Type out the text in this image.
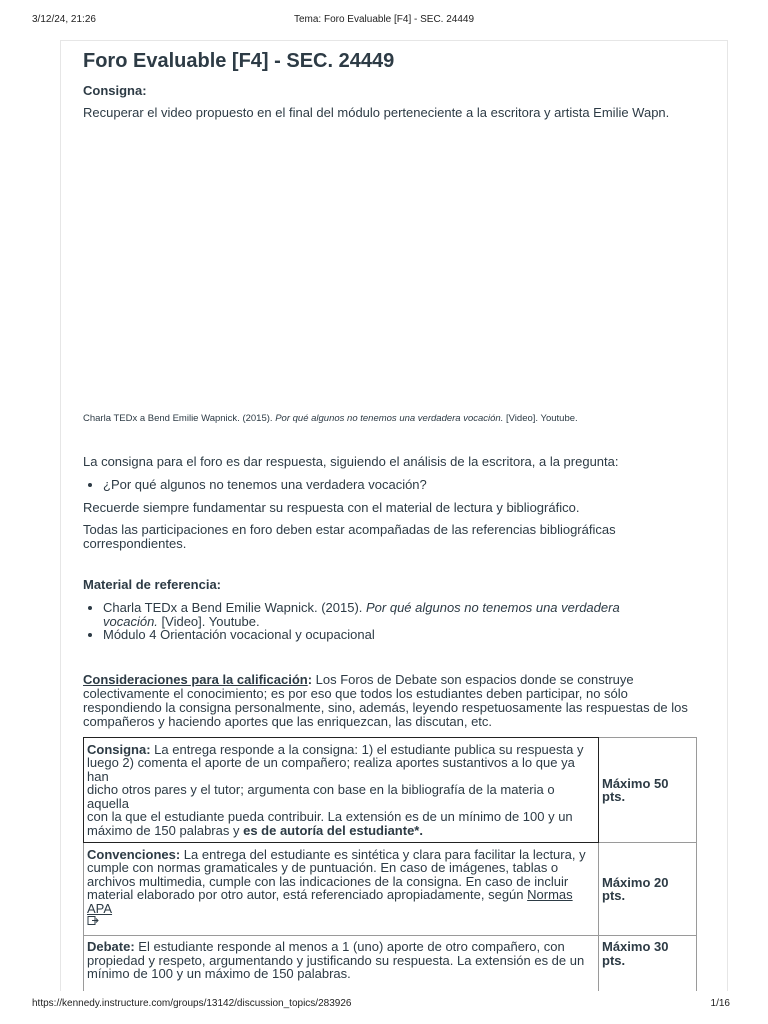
3/12/24, 21:26	Tema: Foro Evaluable [F4] - SEC. 24449
Foro Evaluable [F4] - SEC. 24449
Consigna:
Recuperar el video propuesto en el final del módulo perteneciente a la escritora y artista Emilie Wapn.
Charla TEDx a Bend Emilie Wapnick. (2015). Por qué algunos no tenemos una verdadera vocación. [Video]. Youtube.
La consigna para el foro es dar respuesta, siguiendo el análisis de la escritora, a la pregunta:
• ¿Por qué algunos no tenemos una verdadera vocación?
Recuerde siempre fundamentar su respuesta con el material de lectura y bibliográfico.
Todas las participaciones en foro deben estar acompañadas de las referencias bibliográficas
correspondientes.
Material de referencia:
• Charla TEDx a Bend Emilie Wapnick. (2015). Por qué algunos no tenemos una verdadera
vocación. [Video]. Youtube.
• Módulo 4 Orientación vocacional y ocupacional
Consideraciones para la calificación: Los Foros de Debate son espacios donde se construye
colectivamente el conocimiento; es por eso que todos los estudiantes deben participar, no sólo
respondiendo la consigna personalmente, sino, además, leyendo respetuosamente las respuestas de los
compañeros y haciendo aportes que las enriquezcan, las discutan, etc.
Consigna: La entrega responde a la consigna: 1) el estudiante publica su respuesta y
luego 2) comenta el aporte de un compañero; realiza aportes sustantivos a lo que ya han
dicho otros pares y el tutor; argumenta con base en la bibliografía de la materia o aquella
con la que el estudiante pueda contribuir. La extensión es de un mínimo de 100 y un
máximo de 150 palabras y es de autoría del estudiante*.	Máximo 50 pts.
Convenciones: La entrega del estudiante es sintética y clara para facilitar la lectura, y
cumple con normas gramaticales y de puntuación. En caso de imágenes, tablas o
archivos multimedia, cumple con las indicaciones de la consigna. En caso de incluir
material elaborado por otro autor, está referenciado apropiadamente, según Normas APA	Máximo 20 pts.
Debate: El estudiante responde al menos a 1 (uno) aporte de otro compañero, con
propiedad y respeto, argumentando y justificando su respuesta. La extensión es de un
mínimo de 100 y un máximo de 150 palabras.	Máximo 30 pts.
https://kennedy.instructure.com/groups/13142/discussion_topics/283926	1/16
